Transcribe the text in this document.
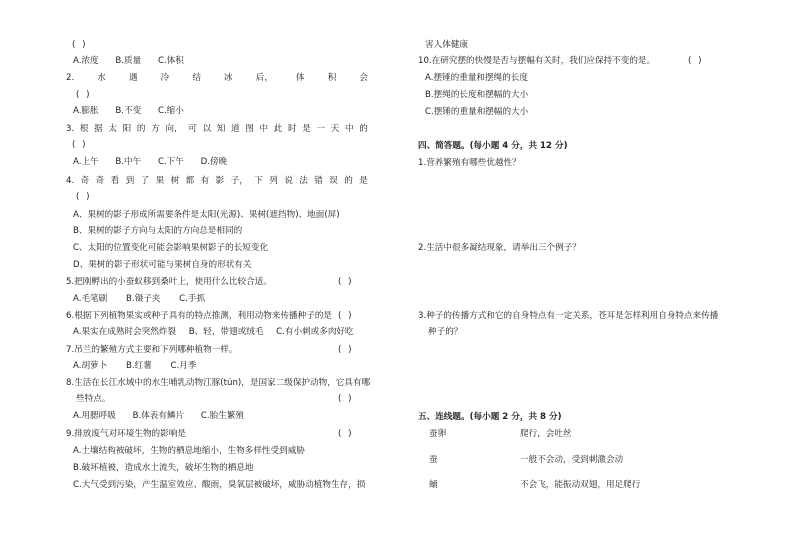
( )
A.浓度 B.质量 C.体积
2.	水	遇	冷	结	冰	后，	体	积	会
( )
A.膨胀 B.不变 C.缩小
3. 根 据 太 阳 的 方 向， 可 以 知 道 图 中 此 时 是 一 天 中 的
( )
A.上午 B.中午 C.下午 D.傍晚
4. 奇 奇 看 到 了 果 树 都 有 影 子， 下 列 说 法 错 误 的 是
( )
A、果树的影子形成所需要条件是太阳(光源)、果树(遮挡物)、地面(屏)
B、果树的影子方向与太阳的方向总是相同的
C、太阳的位置变化可能会影响果树影子的长短变化
D、果树的影子形状可能与果树自身的形状有关
5.把刚孵出的小蚕蚁移到桑叶上，使用什么比较合适。	( )
A.毛笔刷 B.镊子夹 C.手抓
6.根据下列植物果实或种子具有的特点推测，利用动物来传播种子的是 ( )
A.果实在成熟时会突然炸裂 B、轻，带翅或绒毛 C.有小刺或多肉好吃
7.吊兰的繁殖方式主要和下列哪种植物一样。	( )
A.胡萝卜 B.红薯 C.月季
8.生活在长江水域中的水生哺乳动物江豚(tún)，是国家二级保护动物，它具有哪
些特点。	( )
A.用腮呼吸 B.体表有鳞片 C.胎生繁殖
9.排放废气对环境生物的影响是	( )
A.土壤结构被破坏，生物的栖息地缩小，生物多样性受到威胁
B.破坏植被，造成水土流失，破坏生物的栖息地
C.大气受到污染，产生温室效应、酸雨，臭氧层被破坏，威胁动植物生存，损
害人体健康
10.在研究摆的快慢是否与摆幅有关时，我们应保持不变的是。	( )
A.摆锤的重量和摆绳的长度
B.摆绳的长度和摆幅的大小
C.摆锤的重量和摆幅的大小
四、简答题。(每小题 4 分，共 12 分)
1.营养繁殖有哪些优越性？
2.生活中很多凝结现象，请举出三个例子？
3.种子的传播方式和它的自身特点有一定关系，苍耳是怎样利用自身特点来传播
种子的？
五、连线题。(每小题 2 分，共 8 分)
蚕卵	爬行，会吐丝
蚕	一般不会动，受到刺激会动
蛹	不会飞，能振动双翅，用足爬行
